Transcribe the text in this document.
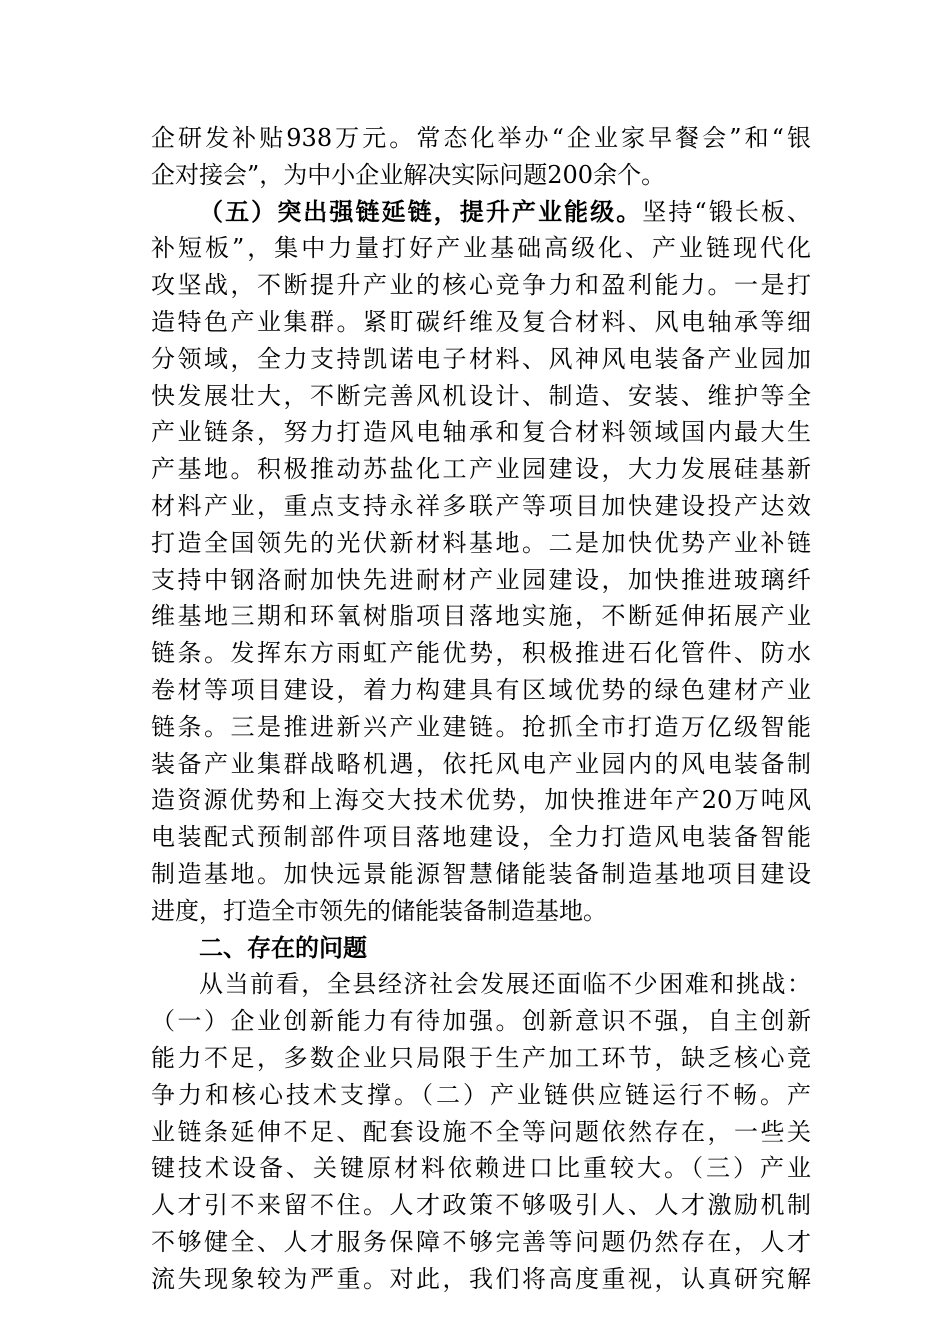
企研发补贴938万元。常态化举办“企业家早餐会”和“银
企对接会”，为中小企业解决实际问题200余个。
（五）突出强链延链，提升产业能级。坚持“锻长板、
补短板”，集中力量打好产业基础高级化、产业链现代化
攻坚战，不断提升产业的核心竞争力和盈利能力。一是打
造特色产业集群。紧盯碳纤维及复合材料、风电轴承等细
分领域，全力支持凯诺电子材料、风神风电装备产业园加
快发展壮大，不断完善风机设计、制造、安装、维护等全
产业链条，努力打造风电轴承和复合材料领域国内最大生
产基地。积极推动苏盐化工产业园建设，大力发展硅基新
材料产业，重点支持永祥多联产等项目加快建设投产达效
打造全国领先的光伏新材料基地。二是加快优势产业补链
支持中钢洛耐加快先进耐材产业园建设，加快推进玻璃纤
维基地三期和环氧树脂项目落地实施，不断延伸拓展产业
链条。发挥东方雨虹产能优势，积极推进石化管件、防水
卷材等项目建设，着力构建具有区域优势的绿色建材产业
链条。三是推进新兴产业建链。抢抓全市打造万亿级智能
装备产业集群战略机遇，依托风电产业园内的风电装备制
造资源优势和上海交大技术优势，加快推进年产20万吨风
电装配式预制部件项目落地建设，全力打造风电装备智能
制造基地。加快远景能源智慧储能装备制造基地项目建设
进度，打造全市领先的储能装备制造基地。
二、存在的问题
从当前看，全县经济社会发展还面临不少困难和挑战：
（一）企业创新能力有待加强。创新意识不强，自主创新
能力不足，多数企业只局限于生产加工环节，缺乏核心竞
争力和核心技术支撑。（二）产业链供应链运行不畅。产
业链条延伸不足、配套设施不全等问题依然存在，一些关
键技术设备、关键原材料依赖进口比重较大。（三）产业
人才引不来留不住。人才政策不够吸引人、人才激励机制
不够健全、人才服务保障不够完善等问题仍然存在，人才
流失现象较为严重。对此，我们将高度重视，认真研究解
